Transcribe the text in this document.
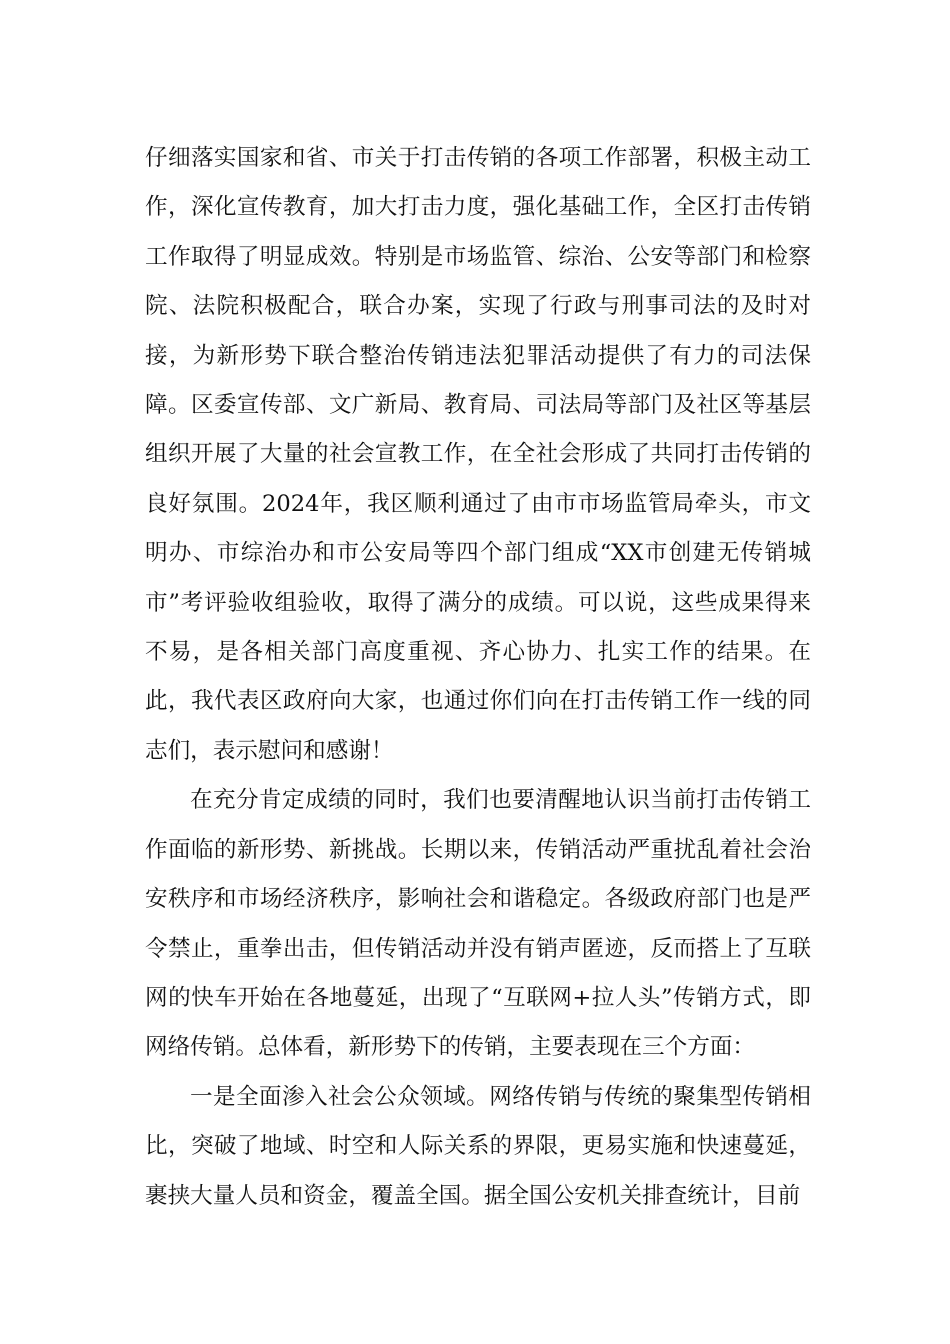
仔细落实国家和省、市关于打击传销的各项工作部署，积极主动工作，深化宣传教育，加大打击力度，强化基础工作，全区打击传销工作取得了明显成效。特别是市场监管、综治、公安等部门和检察院、法院积极配合，联合办案，实现了行政与刑事司法的及时对接，为新形势下联合整治传销违法犯罪活动提供了有力的司法保障。区委宣传部、文广新局、教育局、司法局等部门及社区等基层组织开展了大量的社会宣教工作，在全社会形成了共同打击传销的良好氛围。2024年，我区顺利通过了由市市场监管局牵头，市文明办、市综治办和市公安局等四个部门组成“XX市创建无传销城市”考评验收组验收，取得了满分的成绩。可以说，这些成果得来不易，是各相关部门高度重视、齐心协力、扎实工作的结果。在此，我代表区政府向大家，也通过你们向在打击传销工作一线的同志们，表示慰问和感谢！

在充分肯定成绩的同时，我们也要清醒地认识当前打击传销工作面临的新形势、新挑战。长期以来，传销活动严重扰乱着社会治安秩序和市场经济秩序，影响社会和谐稳定。各级政府部门也是严令禁止，重拳出击，但传销活动并没有销声匿迹，反而搭上了互联网的快车开始在各地蔓延，出现了“互联网+拉人头”传销方式，即网络传销。总体看，新形势下的传销，主要表现在三个方面：

一是全面渗入社会公众领域。网络传销与传统的聚集型传销相比，突破了地域、时空和人际关系的界限，更易实施和快速蔓延，裹挟大量人员和资金，覆盖全国。据全国公安机关排查统计，目前
